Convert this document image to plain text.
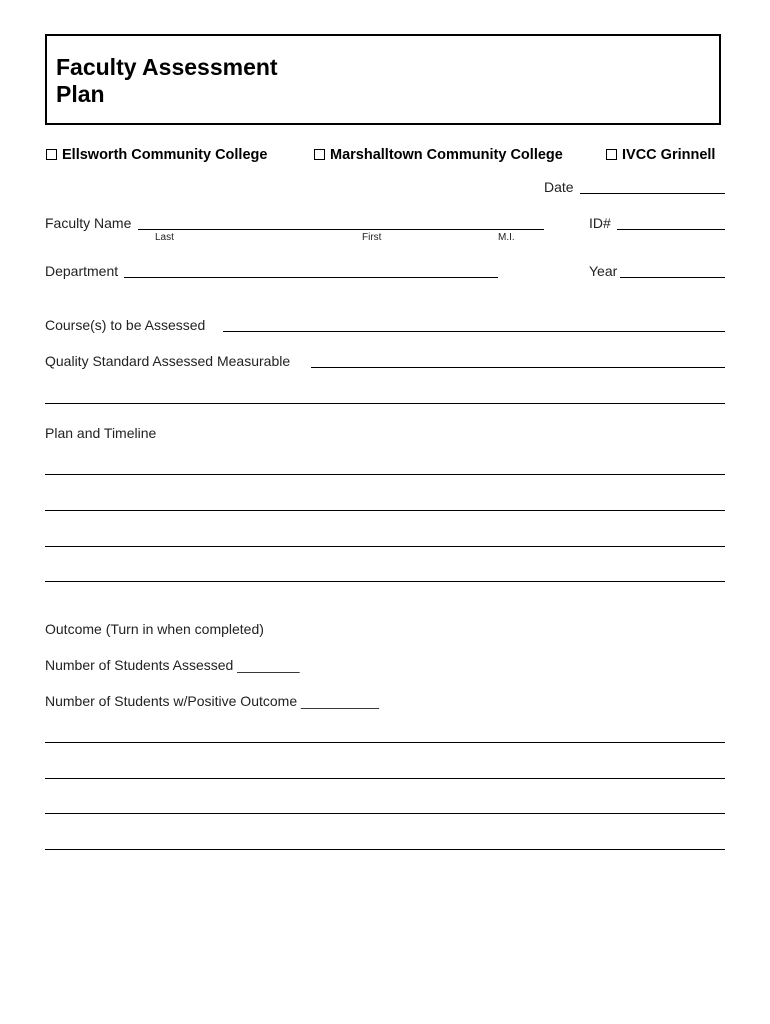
Faculty Assessment
Plan
Ellsworth Community College	Marshalltown Community College	IVCC Grinnell
Date
Faculty Name
Last	First	M.I.
ID#
Department	Year
Course(s) to be Assessed
Quality Standard Assessed Measurable
Plan and Timeline
Outcome (Turn in when completed)
Number of Students Assessed ________
Number of Students w/Positive Outcome __________
